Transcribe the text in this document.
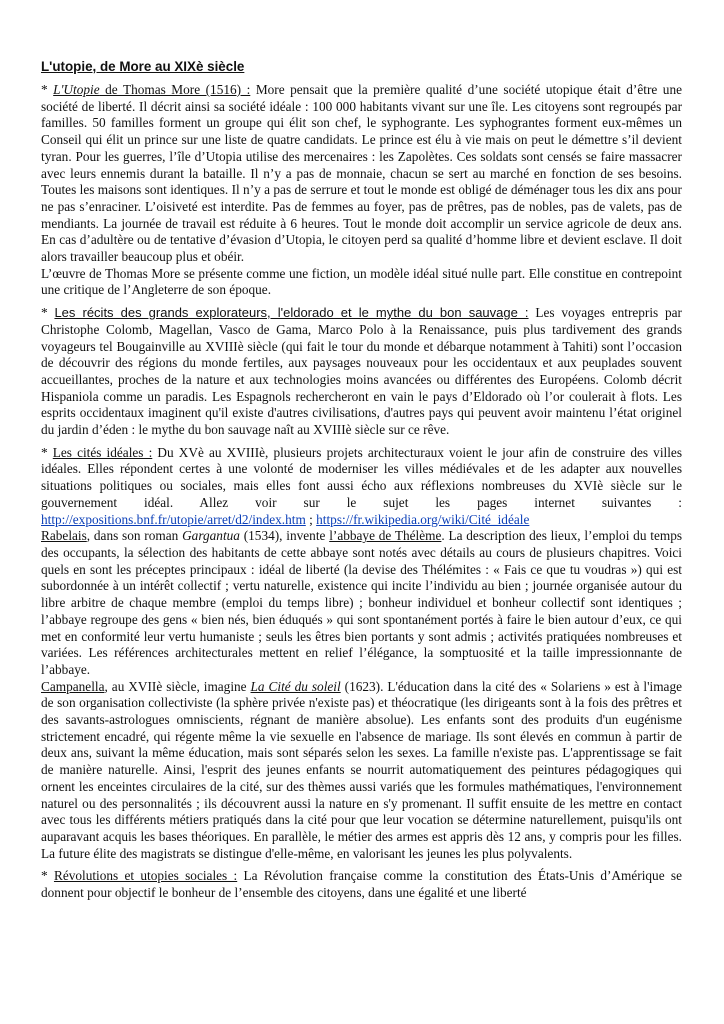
L'utopie, de More au XIXè siècle

* L'Utopie de Thomas More (1516) : More pensait que la première qualité d’une société utopique était d’être une société de liberté. Il décrit ainsi sa société idéale : 100 000 habitants vivant sur une île. Les citoyens sont regroupés par familles. 50 familles forment un groupe qui élit son chef, le syphogrante. Les syphograntes forment eux-mêmes un Conseil qui élit un prince sur une liste de quatre candidats. Le prince est élu à vie mais on peut le démettre s’il devient tyran. Pour les guerres, l’île d’Utopia utilise des mercenaires : les Zapolètes. Ces soldats sont censés se faire massacrer avec leurs ennemis durant la bataille. Il n’y a pas de monnaie, chacun se sert au marché en fonction de ses besoins. Toutes les maisons sont identiques. Il n’y a pas de serrure et tout le monde est obligé de déménager tous les dix ans pour ne pas s’enraciner. L’oisiveté est interdite. Pas de femmes au foyer, pas de prêtres, pas de nobles, pas de valets, pas de mendiants. La journée de travail est réduite à 6 heures. Tout le monde doit accomplir un service agricole de deux ans. En cas d’adultère ou de tentative d’évasion d’Utopia, le citoyen perd sa qualité d’homme libre et devient esclave. Il doit alors travailler beaucoup plus et obéir.

L’œuvre de Thomas More se présente comme une fiction, un modèle idéal situé nulle part. Elle constitue en contrepoint une critique de l’Angleterre de son époque.

* Les récits des grands explorateurs, l'eldorado et le mythe du bon sauvage : Les voyages entrepris par Christophe Colomb, Magellan, Vasco de Gama, Marco Polo à la Renaissance, puis plus tardivement des grands voyageurs tel Bougainville au XVIIIè siècle (qui fait le tour du monde et débarque notamment à Tahiti) sont l’occasion de découvrir des régions du monde fertiles, aux paysages nouveaux pour les occidentaux et aux peuplades souvent accueillantes, proches de la nature et aux technologies moins avancées ou différentes des Européens. Colomb décrit Hispaniola comme un paradis. Les Espagnols rechercheront en vain le pays d’Eldorado où l’or coulerait à flots. Les esprits occidentaux imaginent qu'il existe d'autres civilisations, d'autres pays qui peuvent avoir maintenu l’état originel du jardin d’éden : le mythe du bon sauvage naît au XVIIIè siècle sur ce rêve.

* Les cités idéales : Du XVè au XVIIIè, plusieurs projets architecturaux voient le jour afin de construire des villes idéales. Elles répondent certes à une volonté de moderniser les villes médiévales et de les adapter aux nouvelles situations politiques ou sociales, mais elles font aussi écho aux réflexions nombreuses du XVIè siècle sur le gouvernement idéal. Allez voir sur le sujet les pages internet suivantes : http://expositions.bnf.fr/utopie/arret/d2/index.htm ; https://fr.wikipedia.org/wiki/Cité_idéale

Rabelais, dans son roman Gargantua (1534), invente l’abbaye de Thélème. La description des lieux, l’emploi du temps des occupants, la sélection des habitants de cette abbaye sont notés avec détails au cours de plusieurs chapitres. Voici quels en sont les préceptes principaux : idéal de liberté (la devise des Thélémites : « Fais ce que tu voudras ») qui est subordonnée à un intérêt collectif ; vertu naturelle, existence qui incite l’individu au bien ; journée organisée autour du libre arbitre de chaque membre (emploi du temps libre) ; bonheur individuel et bonheur collectif sont identiques ; l’abbaye regroupe des gens « bien nés, bien éduqués » qui sont spontanément portés à faire le bien autour d’eux, ce qui met en conformité leur vertu humaniste ; seuls les êtres bien portants y sont admis ; activités pratiquées nombreuses et variées. Les références architecturales mettent en relief l’élégance, la somptuosité et la taille impressionnante de l’abbaye.

Campanella, au XVIIè siècle, imagine La Cité du soleil (1623). L'éducation dans la cité des « Solariens » est à l'image de son organisation collectiviste (la sphère privée n'existe pas) et théocratique (les dirigeants sont à la fois des prêtres et des savants-astrologues omniscients, régnant de manière absolue). Les enfants sont des produits d'un eugénisme strictement encadré, qui régente même la vie sexuelle en l'absence de mariage. Ils sont élevés en commun à partir de deux ans, suivant la même éducation, mais sont séparés selon les sexes. La famille n'existe pas. L'apprentissage se fait de manière naturelle. Ainsi, l'esprit des jeunes enfants se nourrit automatiquement des peintures pédagogiques qui ornent les enceintes circulaires de la cité, sur des thèmes aussi variés que les formules mathématiques, l'environnement naturel ou des personnalités ; ils découvrent aussi la nature en s'y promenant. Il suffit ensuite de les mettre en contact avec tous les différents métiers pratiqués dans la cité pour que leur vocation se détermine naturellement, puisqu'ils ont auparavant acquis les bases théoriques. En parallèle, le métier des armes est appris dès 12 ans, y compris pour les filles. La future élite des magistrats se distingue d'elle-même, en valorisant les jeunes les plus polyvalents.

* Révolutions et utopies sociales : La Révolution française comme la constitution des États-Unis d’Amérique se donnent pour objectif le bonheur de l’ensemble des citoyens, dans une égalité et une liberté
